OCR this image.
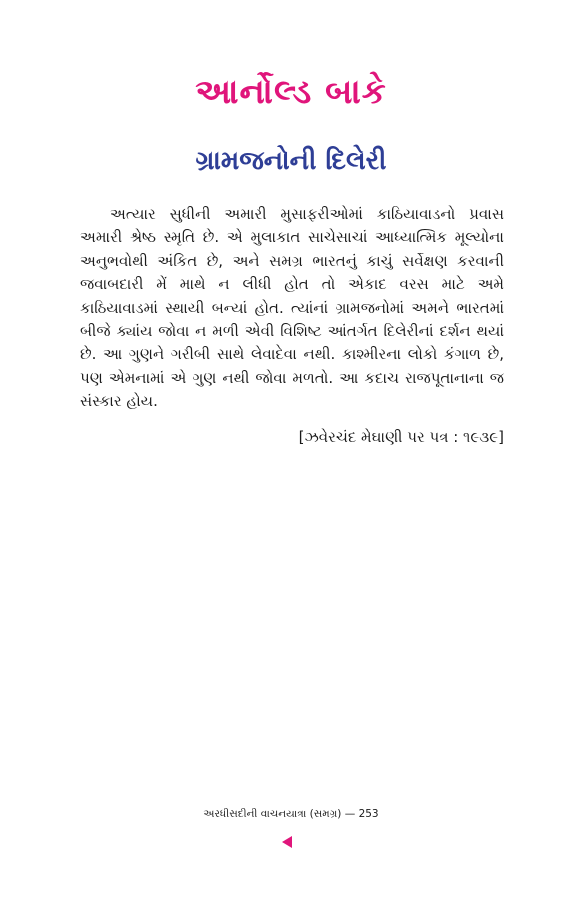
આર્નોલ્ડ બાકે
ગ્રામજનોની દિલેરી

અત્યાર સુધીની અમારી મુસાફરીઓમાં કાઠિયાવાડનો પ્રવાસ અમારી શ્રેષ્ઠ સ્મૃતિ છે. એ મુલાકાત સાચેસાચાં આધ્યાત્મિક મૂલ્યોના અનુભવોથી અંકિત છે, અને સમગ્ર ભારતનું કાચું સર્વેક્ષણ કરવાની જવાબદારી મેં માથે ન લીધી હોત તો એકાદ વરસ માટે અમે કાઠિયાવાડમાં સ્થાયી બન્યાં હોત. ત્યાંનાં ગ્રામજનોમાં અમને ભારતમાં બીજે ક્યાંય જોવા ન મળી એવી વિશિષ્ટ આંતર્ગત દિલેરીનાં દર્શન થયાં છે. આ ગુણને ગરીબી સાથે લેવાદેવા નથી. કાશ્મીરના લોકો કંગાળ છે, પણ એમનામાં એ ગુણ નથી જોવા મળતો. આ કદાચ રાજપૂતાનાના જ સંસ્કાર હોય.

[ઝવેરચંદ મેઘાણી પર પત્ર : ૧૯૩૯]
અરધીસદીની વાચનયાત્રા (સમગ્ર) — 253
